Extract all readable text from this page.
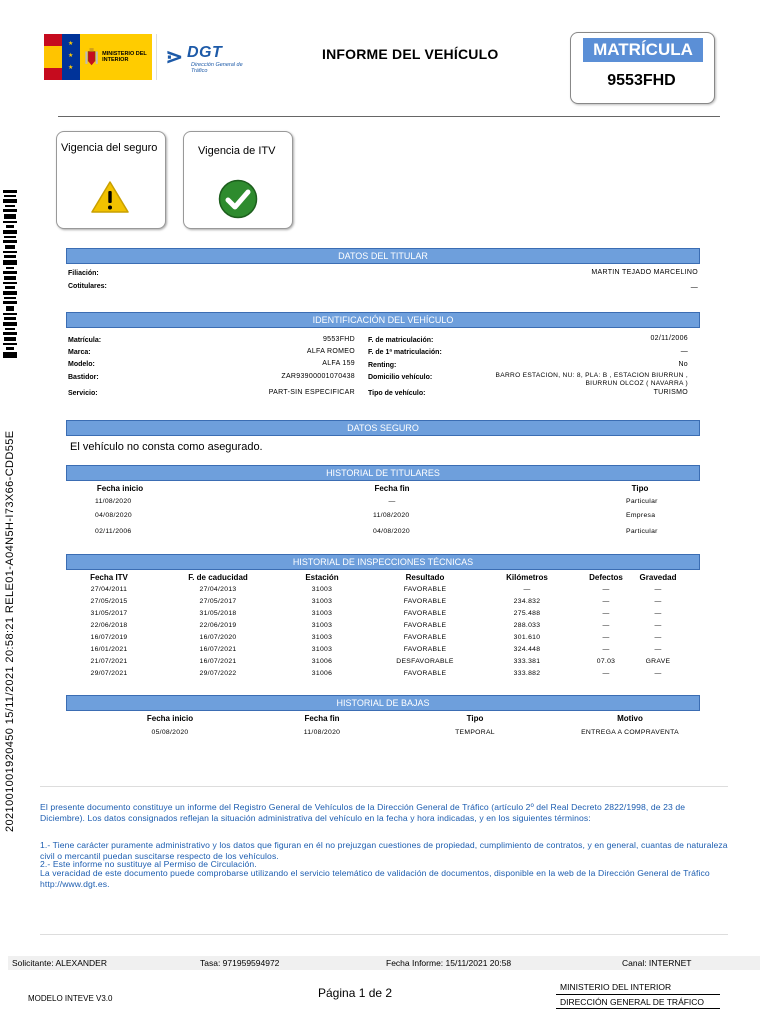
★
★
★
MINISTERIO DEL INTERIOR	⋗ DGT
Dirección General de Tráfico
INFORME DEL VEHÍCULO	MATRÍCULA
9553FHD
Vigencia del seguro	Vigencia de ITV
20210010019204​50 15/11/2021 20:58:21 RELE01-A04N5H-I73X66-CDD55E
DATOS DEL TITULAR
Filiación:	MARTIN TEJADO MARCELINO
Cotitulares:	—
IDENTIFICACIÓN DEL VEHÍCULO
Matrícula:	9553FHD
Marca:	ALFA ROMEO
Modelo:	ALFA 159
Bastidor:	ZAR93900001070438
Servicio:	PART-SIN ESPECIFICAR
F. de matriculación:	02/11/2006
F. de 1ª matriculación:	—
Renting:	No
Domicilio vehículo:	BARRO ESTACION, NU: 8, PLA: B , ESTACION BIURRUN ,
BIURRUN OLCOZ ( NAVARRA )
Tipo de vehículo:	TURISMO
DATOS SEGURO
El vehículo no consta como asegurado.
HISTORIAL DE TITULARES
Fecha inicio	Fecha fin	Tipo
11/08/2020	—	Particular
04/08/2020	11/08/2020	Empresa
02/11/2006	04/08/2020	Particular
HISTORIAL DE INSPECCIONES TÉCNICAS
Fecha ITV	F. de caducidad	Estación	Resultado	Kilómetros	Defectos	Gravedad
27/04/2011	27/04/2013	31003	FAVORABLE	—	—	—
27/05/2015	27/05/2017	31003	FAVORABLE	234.832	—	—
31/05/2017	31/05/2018	31003	FAVORABLE	275.488	—	—
22/06/2018	22/06/2019	31003	FAVORABLE	288.033	—	—
16/07/2019	16/07/2020	31003	FAVORABLE	301.610	—	—
16/01/2021	16/07/2021	31003	FAVORABLE	324.448	—	—
21/07/2021	16/07/2021	31006	DESFAVORABLE	333.381	07.03	GRAVE
29/07/2021	29/07/2022	31006	FAVORABLE	333.882	—	—
HISTORIAL DE BAJAS
Fecha inicio	Fecha fin	Tipo	Motivo
05/08/2020	11/08/2020	TEMPORAL	ENTREGA A COMPRAVENTA
El presente documento constituye un informe del Registro General de Vehículos de la Dirección General de Tráfico (artículo 2º del Real Decreto 2822/1998, de 23 de Diciembre). Los datos consignados reflejan la situación administrativa del vehículo en la fecha y hora indicadas, y en los siguientes términos:
1.- Tiene carácter puramente administrativo y los datos que figuran en él no prejuzgan cuestiones de propiedad, cumplimiento de contratos, y en general, cuantas de naturaleza civil o mercantil puedan suscitarse respecto de los vehículos.
2.- Este informe no sustituye al Permiso de Circulación.
La veracidad de este documento puede comprobarse utilizando el servicio telemático de validación de documentos, disponible en la web de la Dirección General de Tráfico http://www.dgt.es.
Solicitante: ALEXANDER	Tasa: 971959594972	Fecha Informe: 15/11/2021 20:58	Canal: INTERNET
MODELO INTEVE V3.0	Página 1 de 2	MINISTERIO DEL INTERIOR
DIRECCIÓN GENERAL DE TRÁFICO
